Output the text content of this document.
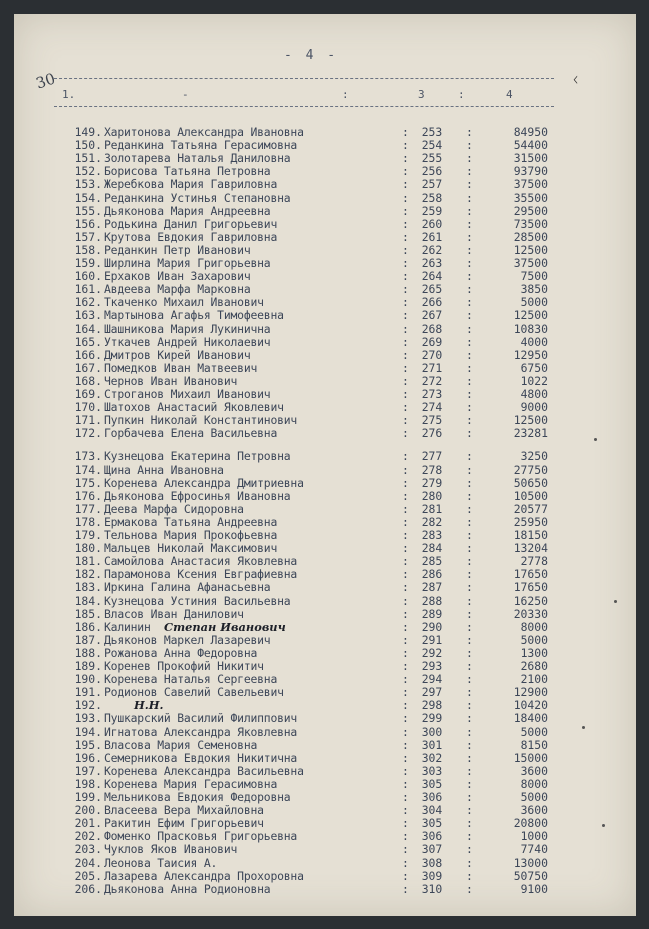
30
- 4 -
ᚲ
1.	-	:	3	:	4
149. Харитонова Александра Ивановна	:	253	:	84950
150. Реданкина Татьяна Герасимовна	:	254	:	54400
151. Золотарева Наталья Даниловна	:	255	:	31500
152. Борисова Татьяна Петровна	:	256	:	93790
153. Жеребкова Мария Гавриловна	:	257	:	37500
154. Реданкина Устинья Степановна	:	258	:	35500
155. Дьяконова Мария Андреевна	:	259	:	29500
156. Родькина Данил Григорьевич	:	260	:	73500
157. Крутова Евдокия Гавриловна	:	261	:	28500
158. Реданкин Петр Иванович	:	262	:	12500
159. Ширлина Мария Григорьевна	:	263	:	37500
160. Ерхаков Иван Захарович	:	264	:	7500
161. Авдеева Марфа Марковна	:	265	:	3850
162. Ткаченко Михаил Иванович	:	266	:	5000
163. Мартынова Агафья Тимофеевна	:	267	:	12500
164. Шашникова Мария Лукинична	:	268	:	10830
165. Уткачев Андрей Николаевич	:	269	:	4000
166. Дмитров Кирей Иванович	:	270	:	12950
167. Помедков Иван Матвеевич	:	271	:	6750
168. Чернов Иван Иванович	:	272	:	1022
169. Строганов Михаил Иванович	:	273	:	4800
170. Шатохов Анастасий Яковлевич	:	274	:	9000
171. Пупкин Николай Константинович	:	275	:	12500
172. Горбачева Елена Васильевна	:	276	:	23281
173. Кузнецова Екатерина Петровна	:	277	:	3250
174. Щина Анна Ивановна	:	278	:	27750
175. Коренева Александра Дмитриевна	:	279	:	50650
176. Дьяконова Ефросинья Ивановна	:	280	:	10500
177. Деева Марфа Сидоровна	:	281	:	20577
178. Ермакова Татьяна Андреевна	:	282	:	25950
179. Тельнова Мария Прокофьевна	:	283	:	18150
180. Мальцев Николай Максимович	:	284	:	13204
181. Самойлова Анастасия Яковлевна	:	285	:	2778
182. Парамонова Ксения Евграфиевна	:	286	:	17650
183. Иркина Галина Афанасьевна	:	287	:	17650
184. Кузнецова Устиния Васильевна	:	288	:	16250
185. Власов Иван Данилович	:	289	:	20330
186. Калинин Степан Иванович	:	290	:	8000
187. Дьяконов Маркел Лазаревич	:	291	:	5000
188. Рожанова Анна Федоровна	:	292	:	1300
189. Коренев Прокофий Никитич	:	293	:	2680
190. Коренева Наталья Сергеевна	:	294	:	2100
191. Родионов Савелий Савельевич	:	297	:	12900
192.	Н.Н.	:	298	:	10420
193. Пушкарский Василий Филиппович	:	299	:	18400
194. Игнатова Александра Яковлевна	:	300	:	5000
195. Власова Мария Семеновна	:	301	:	8150
196. Семерникова Евдокия Никитична	:	302	:	15000
197. Коренева Александра Васильевна	:	303	:	3600
198. Коренева Мария Герасимовна	:	305	:	8000
199. Мельникова Евдокия Федоровна	:	306	:	5000
200. Власеева Вера Михайловна	:	304	:	3600
201. Ракитин Ефим Григорьевич	:	305	:	20800
202. Фоменко Прасковья Григорьевна	:	306	:	1000
203. Чуклов Яков Иванович	:	307	:	7740
204. Леонова Таисия А.	:	308	:	13000
205. Лазарева Александра Прохоровна	:	309	:	50750
206. Дьяконова Анна Родионовна	:	310	:	9100
